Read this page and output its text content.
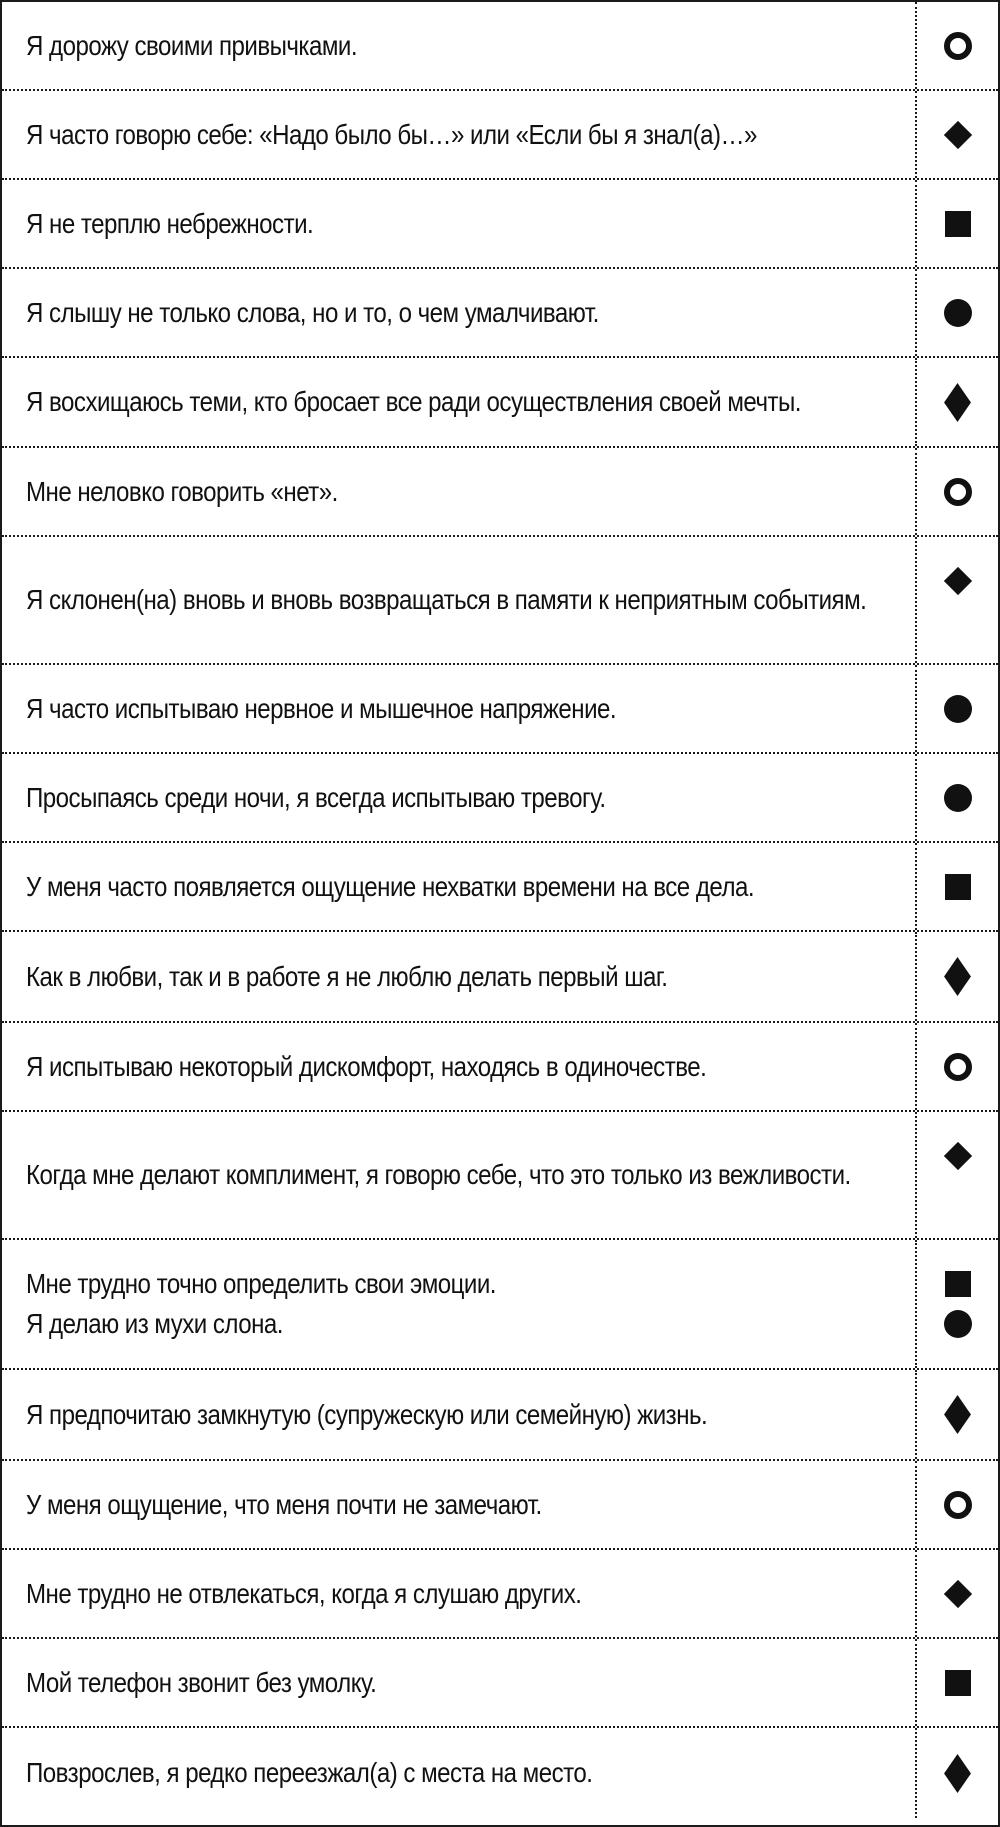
Я дорожу своими привычками.
Я часто говорю себе: «Надо было бы…» или «Если бы я знал(а)…»
Я не терплю небрежности.
Я слышу не только слова, но и то, о чем умалчивают.
Я восхищаюсь теми, кто бросает все ради осуществления своей мечты.
Мне неловко говорить «нет».
Я склонен(на) вновь и вновь возвращаться в памяти к неприятным событиям.
Я часто испытываю нервное и мышечное напряжение.
Просыпаясь среди ночи, я всегда испытываю тревогу.
У меня часто появляется ощущение нехватки времени на все дела.
Как в любви, так и в работе я не люблю делать первый шаг.
Я испытываю некоторый дискомфорт, находясь в одиночестве.
Когда мне делают комплимент, я говорю себе, что это только из вежливости.
Мне трудно точно определить свои эмоции.
Я делаю из мухи слона.
Я предпочитаю замкнутую (супружескую или семейную) жизнь.
У меня ощущение, что меня почти не замечают.
Мне трудно не отвлекаться, когда я слушаю других.
Мой телефон звонит без умолку.
Повзрослев, я редко переезжал(а) с места на место.
